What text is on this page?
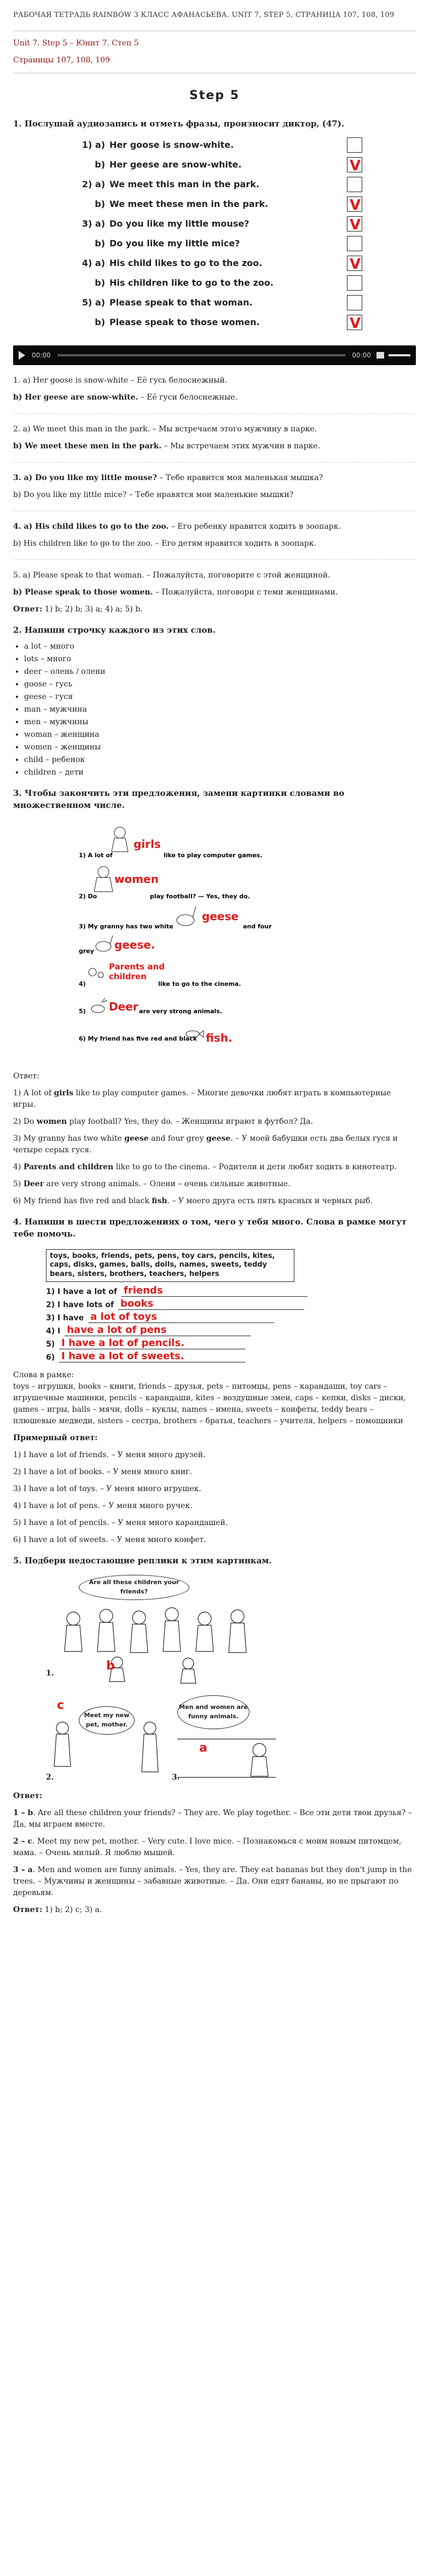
РАБОЧАЯ ТЕТРАДЬ RAINBOW 3 КЛАСС АФАНАСЬЕВА. UNIT 7, STEP 5, СТРАНИЦА 107, 108, 109
Unit 7. Step 5 – Юнит 7. Степ 5
Страницы 107, 108, 109
Step 5
1. Послушай аудиозапись и отметь фразы, произносит диктор, (47).
1) a) Her goose is snow-white.
b) Her geese are snow-white.	V
2) a) We meet this man in the park.
b) We meet these men in the park.	V
3) a) Do you like my little mouse?	V
b) Do you like my little mice?
4) a) His child likes to go to the zoo.	V
b) His children like to go to the zoo.
5) a) Please speak to that woman.
b) Please speak to those women.	V
00:00	00:00

1. a) Her goose is snow-white – Её гусь белоснежный.

b) Her geese are snow-white. – Её гуси белоснежные.

2. a) We meet this man in the park. – Мы встречаем этого мужчину в парке.

b) We meet these men in the park. – Мы встречаем этих мужчин в парке.

3. a) Do you like my little mouse? – Тебе нравится моя маленькая мышка?

b) Do you like my little mice? – Тебе нравятся мои маленькие мышки?

4. a) His child likes to go to the zoo. – Его ребенку нравится ходить в зоопарк.

b) His children like to go to the zoo. – Его детям нравится ходить в зоопарк.

5. a) Please speak to that woman. – Пожалуйста, поговорите с этой женщиной.

b) Please speak to those women. – Пожалуйста, поговори с теми женщинами.

Ответ: 1) b; 2) b; 3) a; 4) a; 5) b.

2. Напиши строчку каждого из этих слов.
• a lot – много
• lots – много
• deer – олень / олени
• goose – гусь
• geese – гуся
• man – мужчина
• men – мужчины
• woman – женщина
• women – женщины
• child – ребенок
• children – дети
3. Чтобы закончить эти предложения, замени картинки словами во множественном числе.
1) A lot of
girls
like to play computer games.
2) Do
women
play football? — Yes, they do.
3) My granny has two white
geese
and four
grey geese.
4)
Parents and
children
like to go to the cinema.
5) Deer are very strong animals.
6) My friend has five red and black fish.

Ответ:

1) A lot of girls like to play computer games. – Многие девочки любят играть в компьютерные игры.

2) Do women play football? Yes, they do. – Женщины играют в футбол? Да.

3) My granny has two white geese and four grey geese. – У моей бабушки есть два белых гуся и четыре серых гуся.

4) Parents and children like to go to the cinema. – Родители и дети любят ходить в кинотеатр.

5) Deer are very strong animals. – Олени – очень сильные животные.

6) My friend has five red and black fish. – У моего друга есть пять красных и черных рыб.

4. Напиши в шести предложениях о том, чего у тебя много. Слова в рамке могут тебе помочь.
toys, books, friends, pets, pens, toy cars, pencils, kites, caps, disks, games, balls, dolls, names, sweets, teddy bears, sisters, brothers, teachers, helpers
1) I have a lot of friends
2) I have lots of books
3) I have a lot of toys
4) I have a lot of pens
5) I have a lot of pencils.
6) I have a lot of sweets.

Слова в рамке:
toys – игрушки, books – книги, friends – друзья, pets – питомцы, pens – карандаши, toy cars – игрушечные машинки, pencils – карандаши, kites – воздушные змеи, caps – кепки, disks – диски, games – игры, balls – мячи, dolls – куклы, names – имена, sweets – конфеты, teddy bears – плюшевые медведи, sisters – сестра, brothers – братья, teachers – учителя, helpers – помощники

Примерный ответ:

1) I have a lot of friends. – У меня много друзей.

2) I have a lot of books. – У меня много книг.

3) I have a lot of toys. – У меня много игрушек.

4) I have a lot of pens. – У меня много ручек.

5) I have a lot of pencils. – У меня много карандашей.

6) I have a lot of sweets. – У меня много конфет.

5. Подбери недостающие реплики к этим картинкам.
Are all these children your friends?
b
c
Meet my new pet, mother.
Men and women are funny animals.
a
1.
2.	3.

Ответ:

1 – b. Are all these children your friends? – They are. We play together. – Все эти дети твои друзья? – Да, мы играем вместе.

2 – c. Meet my new pet, mother. – Very cute. I love mice. – Познакомься с моим новым питомцем, мама. – Очень милый. Я люблю мышей.

3 – a. Men and women are funny animals. – Yes, they are. They eat bananas but they don't jump in the trees. – Мужчины и женщины – забавные животные. – Да. Они едят бананы, но не прыгают по деревьям.

Ответ: 1) b; 2) c; 3) a.
